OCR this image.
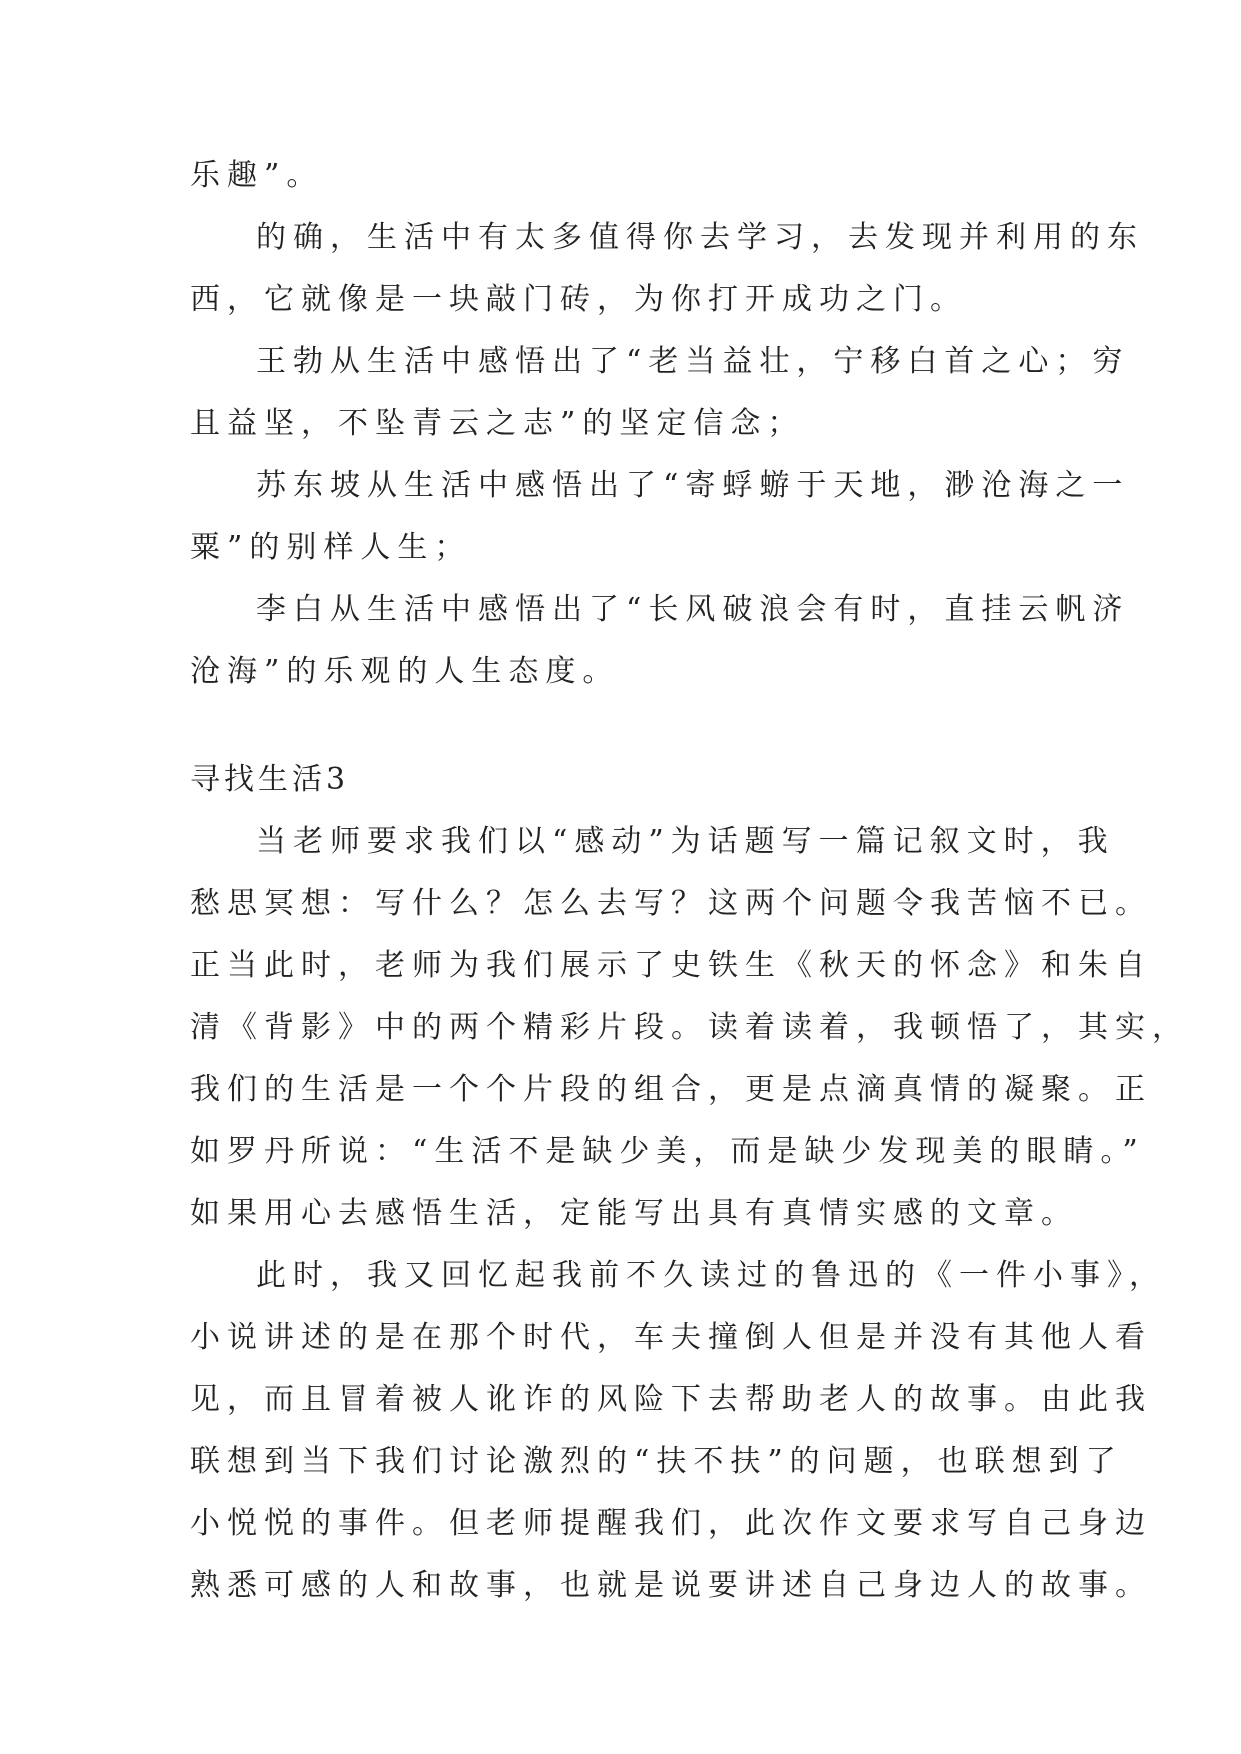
乐趣”。
的确，生活中有太多值得你去学习，去发现并利用的东
西，它就像是一块敲门砖，为你打开成功之门。
王勃从生活中感悟出了“老当益壮，宁移白首之心；穷
且益坚，不坠青云之志”的坚定信念；
苏东坡从生活中感悟出了“寄蜉蝣于天地，渺沧海之一
粟”的别样人生；
李白从生活中感悟出了“长风破浪会有时，直挂云帆济
沧海”的乐观的人生态度。
寻找生活3
当老师要求我们以“感动”为话题写一篇记叙文时，我
愁思冥想：写什么？怎么去写？这两个问题令我苦恼不已。
正当此时，老师为我们展示了史铁生《秋天的怀念》和朱自
清《背影》中的两个精彩片段。读着读着，我顿悟了，其实，
我们的生活是一个个片段的组合，更是点滴真情的凝聚。正
如罗丹所说：“生活不是缺少美，而是缺少发现美的眼睛。”
如果用心去感悟生活，定能写出具有真情实感的文章。
此时，我又回忆起我前不久读过的鲁迅的《一件小事》，
小说讲述的是在那个时代，车夫撞倒人但是并没有其他人看
见，而且冒着被人讹诈的风险下去帮助老人的故事。由此我
联想到当下我们讨论激烈的“扶不扶”的问题，也联想到了
小悦悦的事件。但老师提醒我们，此次作文要求写自己身边
熟悉可感的人和故事，也就是说要讲述自己身边人的故事。
